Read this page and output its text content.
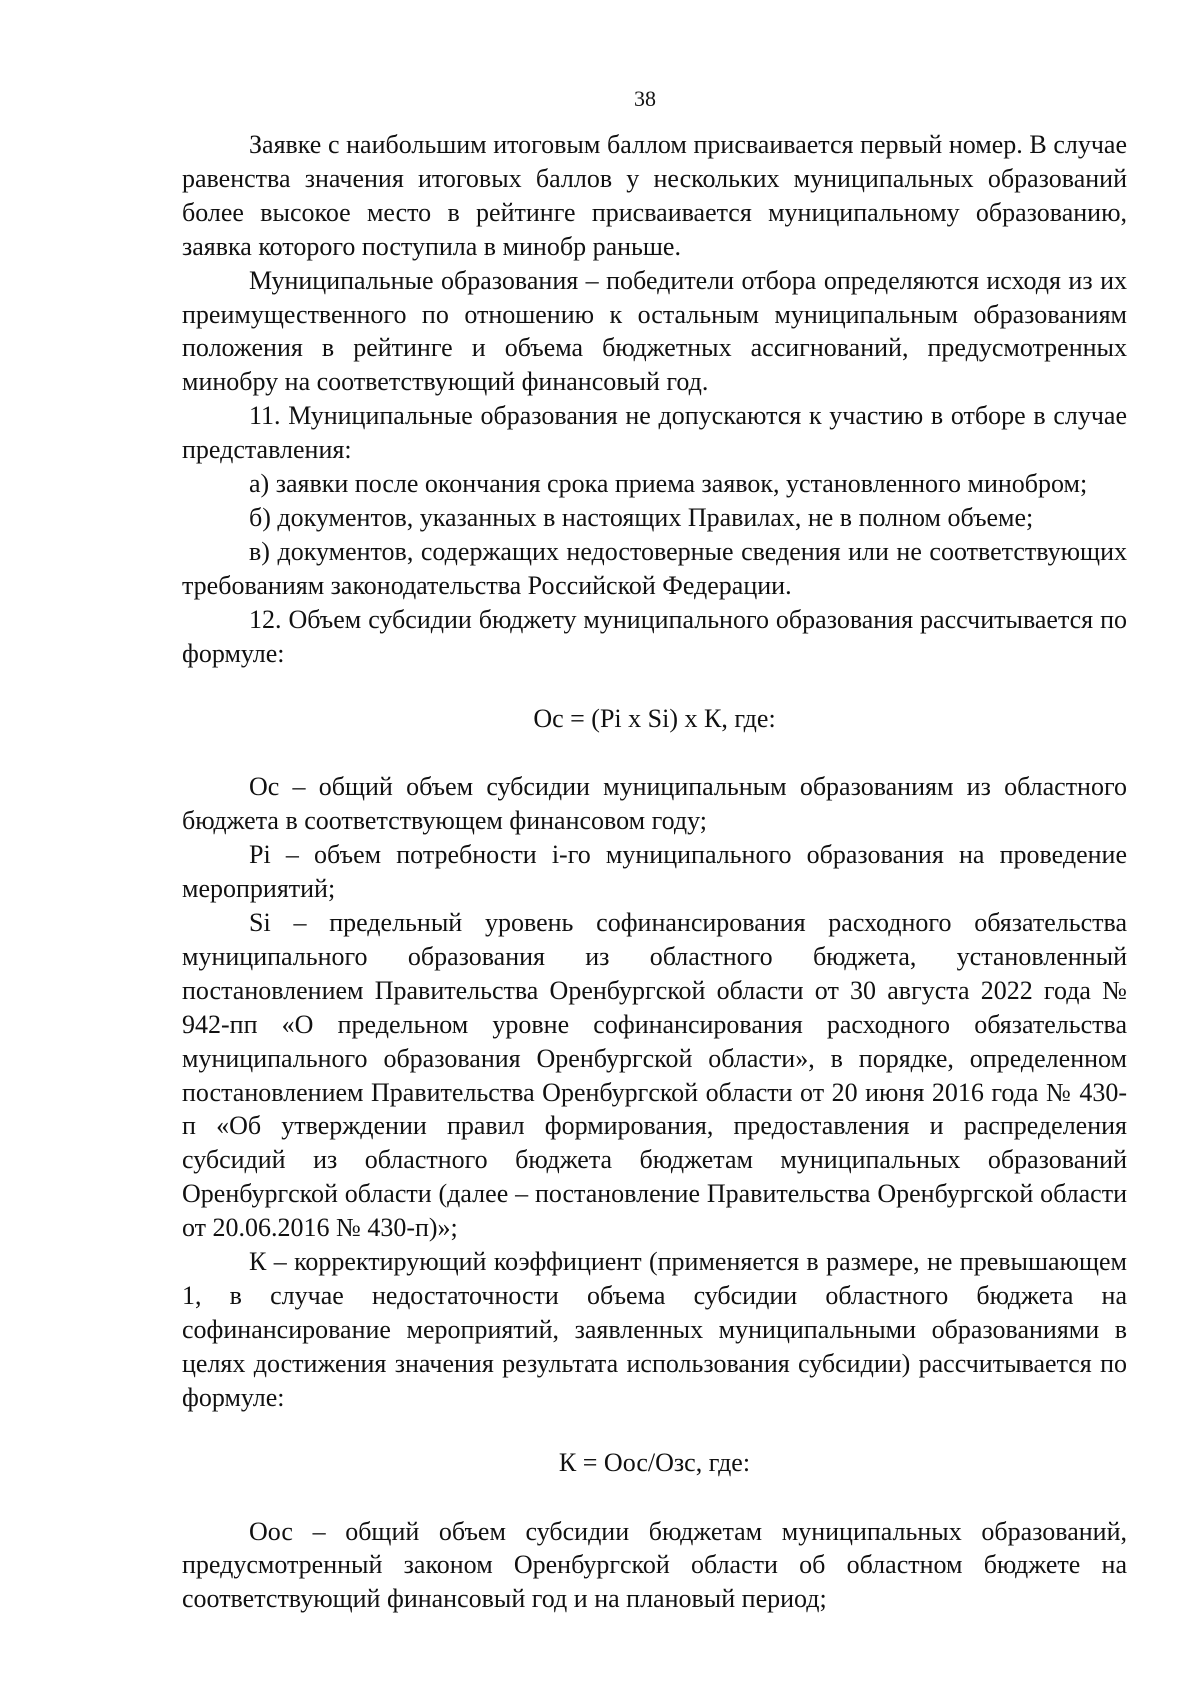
38

Заявке с наибольшим итоговым баллом присваивается первый номер. В случае равенства значения итоговых баллов у нескольких муниципальных образований более высокое место в рейтинге присваивается муниципальному образованию, заявка которого поступила в минобр раньше.

Муниципальные образования – победители отбора определяются исходя из их преимущественного по отношению к остальным муниципальным образованиям положения в рейтинге и объема бюджетных ассигнований, предусмотренных минобру на соответствующий финансовый год.

11. Муниципальные образования не допускаются к участию в отборе в случае представления:

а) заявки после окончания срока приема заявок, установленного минобром;

б) документов, указанных в настоящих Правилах, не в полном объеме;

в) документов, содержащих недостоверные сведения или не соответствующих требованиям законодательства Российской Федерации.

12. Объем субсидии бюджету муниципального образования рассчитывается по формуле:

Ос = (Pi x Si) x К, где:

Ос – общий объем субсидии муниципальным образованиям из областного бюджета в соответствующем финансовом году;

Pi – объем потребности i-го муниципального образования на проведение мероприятий;

Si – предельный уровень софинансирования расходного обязательства муниципального образования из областного бюджета, установленный постановлением Правительства Оренбургской области от 30 августа 2022 года № 942-пп «О предельном уровне софинансирования расходного обязательства муниципального образования Оренбургской области», в порядке, определенном постановлением Правительства Оренбургской области от 20 июня 2016 года № 430-п «Об утверждении правил формирования, предоставления и распределения субсидий из областного бюджета бюджетам муниципальных образований Оренбургской области (далее – постановление Правительства Оренбургской области от 20.06.2016 № 430-п)»;

К – корректирующий коэффициент (применяется в размере, не превышающем 1, в случае недостаточности объема субсидии областного бюджета на софинансирование мероприятий, заявленных муниципальными образованиями в целях достижения значения результата использования субсидии) рассчитывается по формуле:

К = Оос/Озс, где:

Оос – общий объем субсидии бюджетам муниципальных образований, предусмотренный законом Оренбургской области об областном бюджете на соответствующий финансовый год и на плановый период;
